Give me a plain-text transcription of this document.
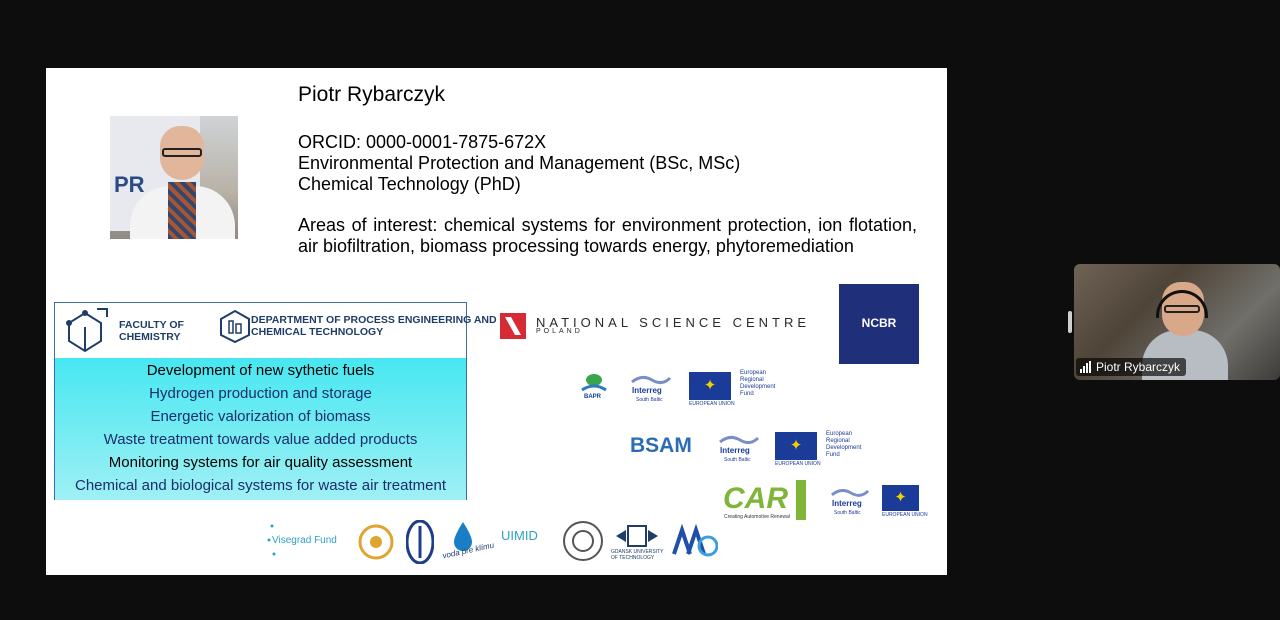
PR
Piotr Rybarczyk
ORCID: 0000-0001-7875-672X
Environmental Protection and Management (BSc, MSc)
Chemical Technology (PhD)
Areas of interest: chemical systems for environment protection, ion flotation, air biofiltration, biomass processing towards energy, phytoremediation
FACULTY OF CHEMISTRY
DEPARTMENT OF PROCESS ENGINEERING AND CHEMICAL TECHNOLOGY
Development of new sythetic fuels
Hydrogen production and storage
Energetic valorization of biomass
Waste treatment towards value added products
Monitoring systems for air quality assessment
Chemical and biological systems for waste air treatment
NATIONAL SCIENCE CENTRE
POLAND
NCBR
BAPR
Interreg
South Baltic
✦
EUROPEAN UNION
European Regional Development Fund
BSAM	Interreg
South Baltic
✦
EUROPEAN UNION
European Regional Development Fund
CAR
Creating Automotive Renewal
Interreg
South Baltic
✦
EUROPEAN UNION
Visegrad Fund
voda pre klímu
UIMID
GDANSK UNIVERSITY OF TECHNOLOGY
Piotr Rybarczyk
